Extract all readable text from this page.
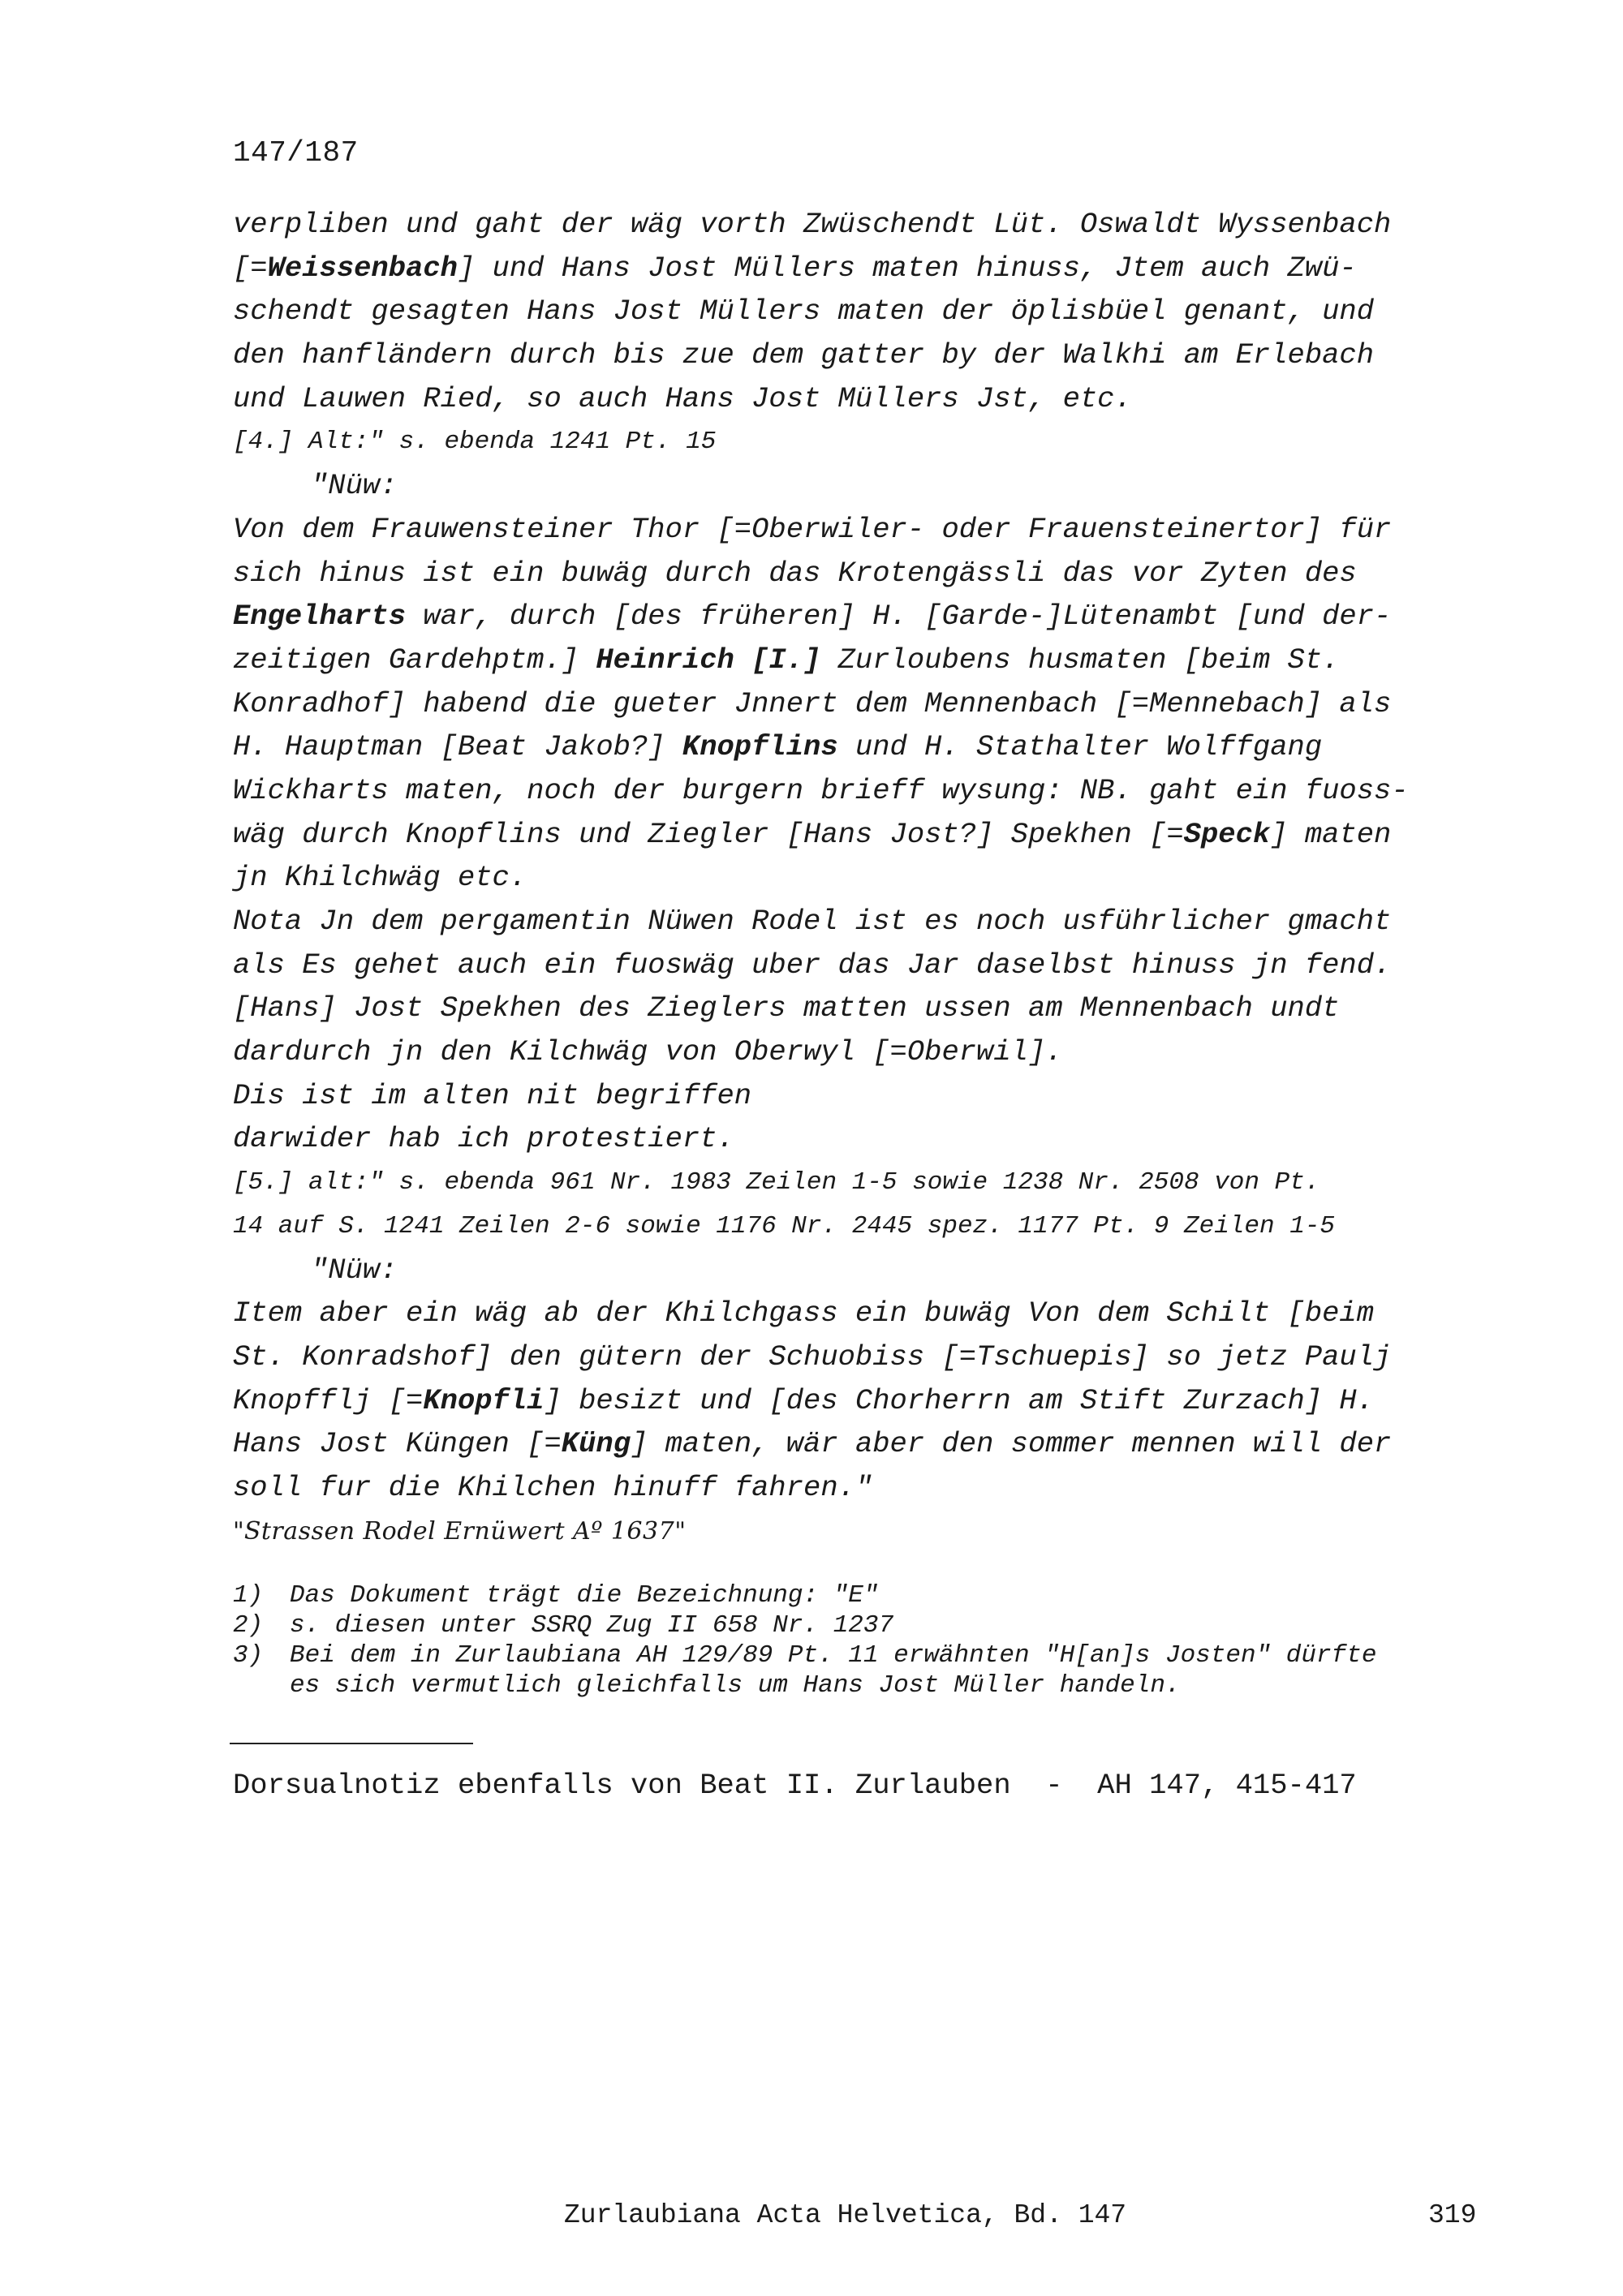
147/187
verpliben und gaht der wäg vorth Zwüschendt Lüt. Oswaldt Wyssenbach
[=Weissenbach] und Hans Jost Müllers maten hinuss, Jtem auch Zwü-
schendt gesagten Hans Jost Müllers maten der öplisbüel genant, und
den hanfländern durch bis zue dem gatter by der Walkhi am Erlebach
und Lauwen Ried, so auch Hans Jost Müllers Jst, etc.
[4.] Alt:" s. ebenda 1241 Pt. 15
"Nüw:
Von dem Frauwensteiner Thor [=Oberwiler- oder Frauensteinertor] für
sich hinus ist ein buwäg durch das Krotengässli das vor Zyten des
Engelharts war, durch [des früheren] H. [Garde-]Lütenambt [und der-
zeitigen Gardehptm.] Heinrich [I.] Zurloubens husmaten [beim St.
Konradhof] habend die gueter Jnnert dem Mennenbach [=Mennebach] als
H. Hauptman [Beat Jakob?] Knopflins und H. Stathalter Wolffgang
Wickharts maten, noch der burgern brieff wysung: NB. gaht ein fuoss-
wäg durch Knopflins und Ziegler [Hans Jost?] Spekhen [=Speck] maten
jn Khilchwäg etc.
Nota Jn dem pergamentin Nüwen Rodel ist es noch usführlicher gmacht
als Es gehet auch ein fuoswäg uber das Jar daselbst hinuss jn fend.
[Hans] Jost Spekhen des Zieglers matten ussen am Mennenbach undt
dardurch jn den Kilchwäg von Oberwyl [=Oberwil].
Dis ist im alten nit begriffen
darwider hab ich protestiert.
[5.] alt:" s. ebenda 961 Nr. 1983 Zeilen 1-5 sowie 1238 Nr. 2508 von Pt.
14 auf S. 1241 Zeilen 2-6 sowie 1176 Nr. 2445 spez. 1177 Pt. 9 Zeilen 1-5
"Nüw:
Item aber ein wäg ab der Khilchgass ein buwäg Von dem Schilt [beim
St. Konradshof] den gütern der Schuobiss [=Tschuepis] so jetz Paulj
Knopfflj [=Knopfli] besizt und [des Chorherrn am Stift Zurzach] H.
Hans Jost Küngen [=Küng] maten, wär aber den sommer mennen will der
soll fur die Khilchen hinuff fahren."
"Strassen Rodel Ernüwert Aº 1637"
1)	Das Dokument trägt die Bezeichnung: "E"
2)	s. diesen unter SSRQ Zug II 658 Nr. 1237
3)	Bei dem in Zurlaubiana AH 129/89 Pt. 11 erwähnten "H[an]s Josten" dürfte
es sich vermutlich gleichfalls um Hans Jost Müller handeln.
Dorsualnotiz ebenfalls von Beat II. Zurlauben  -  AH 147, 415-417
Zurlaubiana Acta Helvetica, Bd. 147	319
